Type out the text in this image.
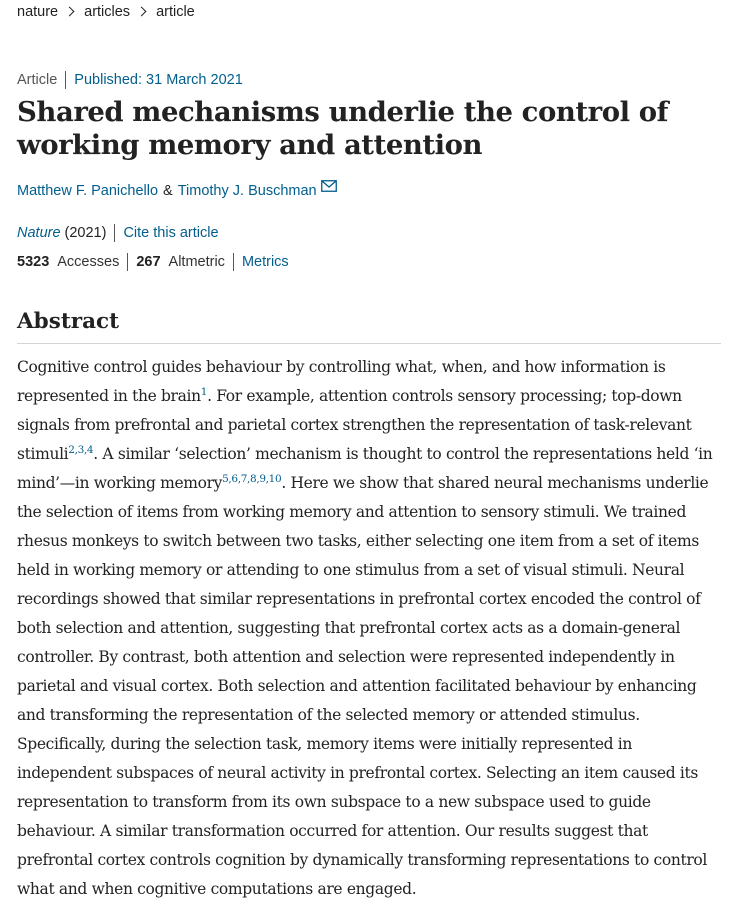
nature articles article
Article Published: 31 March 2021
Shared mechanisms underlie the control of working memory and attention
Matthew F. Panichello & Timothy J. Buschman
Nature (2021) Cite this article
5323 Accesses 267 Altmetric Metrics
Abstract

Cognitive control guides behaviour by controlling what, when, and how information is represented in the brain$^1$. For example, attention controls sensory processing; top-down signals from prefrontal and parietal cortex strengthen the representation of task-relevant stimuli$^{2,3,4}$. A similar ‘selection’ mechanism is thought to control the representations held ‘in mind’—in working memory$^{5,6,7,8,9,10}$. Here we show that shared neural mechanisms underlie the selection of items from working memory and attention to sensory stimuli. We trained rhesus monkeys to switch between two tasks, either selecting one item from a set of items held in working memory or attending to one stimulus from a set of visual stimuli. Neural recordings showed that similar representations in prefrontal cortex encoded the control of both selection and attention, suggesting that prefrontal cortex acts as a domain-general controller. By contrast, both attention and selection were represented independently in parietal and visual cortex. Both selection and attention facilitated behaviour by enhancing and transforming the representation of the selected memory or attended stimulus. Specifically, during the selection task, memory items were initially represented in independent subspaces of neural activity in prefrontal cortex. Selecting an item caused its representation to transform from its own subspace to a new subspace used to guide behaviour. A similar transformation occurred for attention. Our results suggest that prefrontal cortex controls cognition by dynamically transforming representations to control what and when cognitive computations are engaged.
